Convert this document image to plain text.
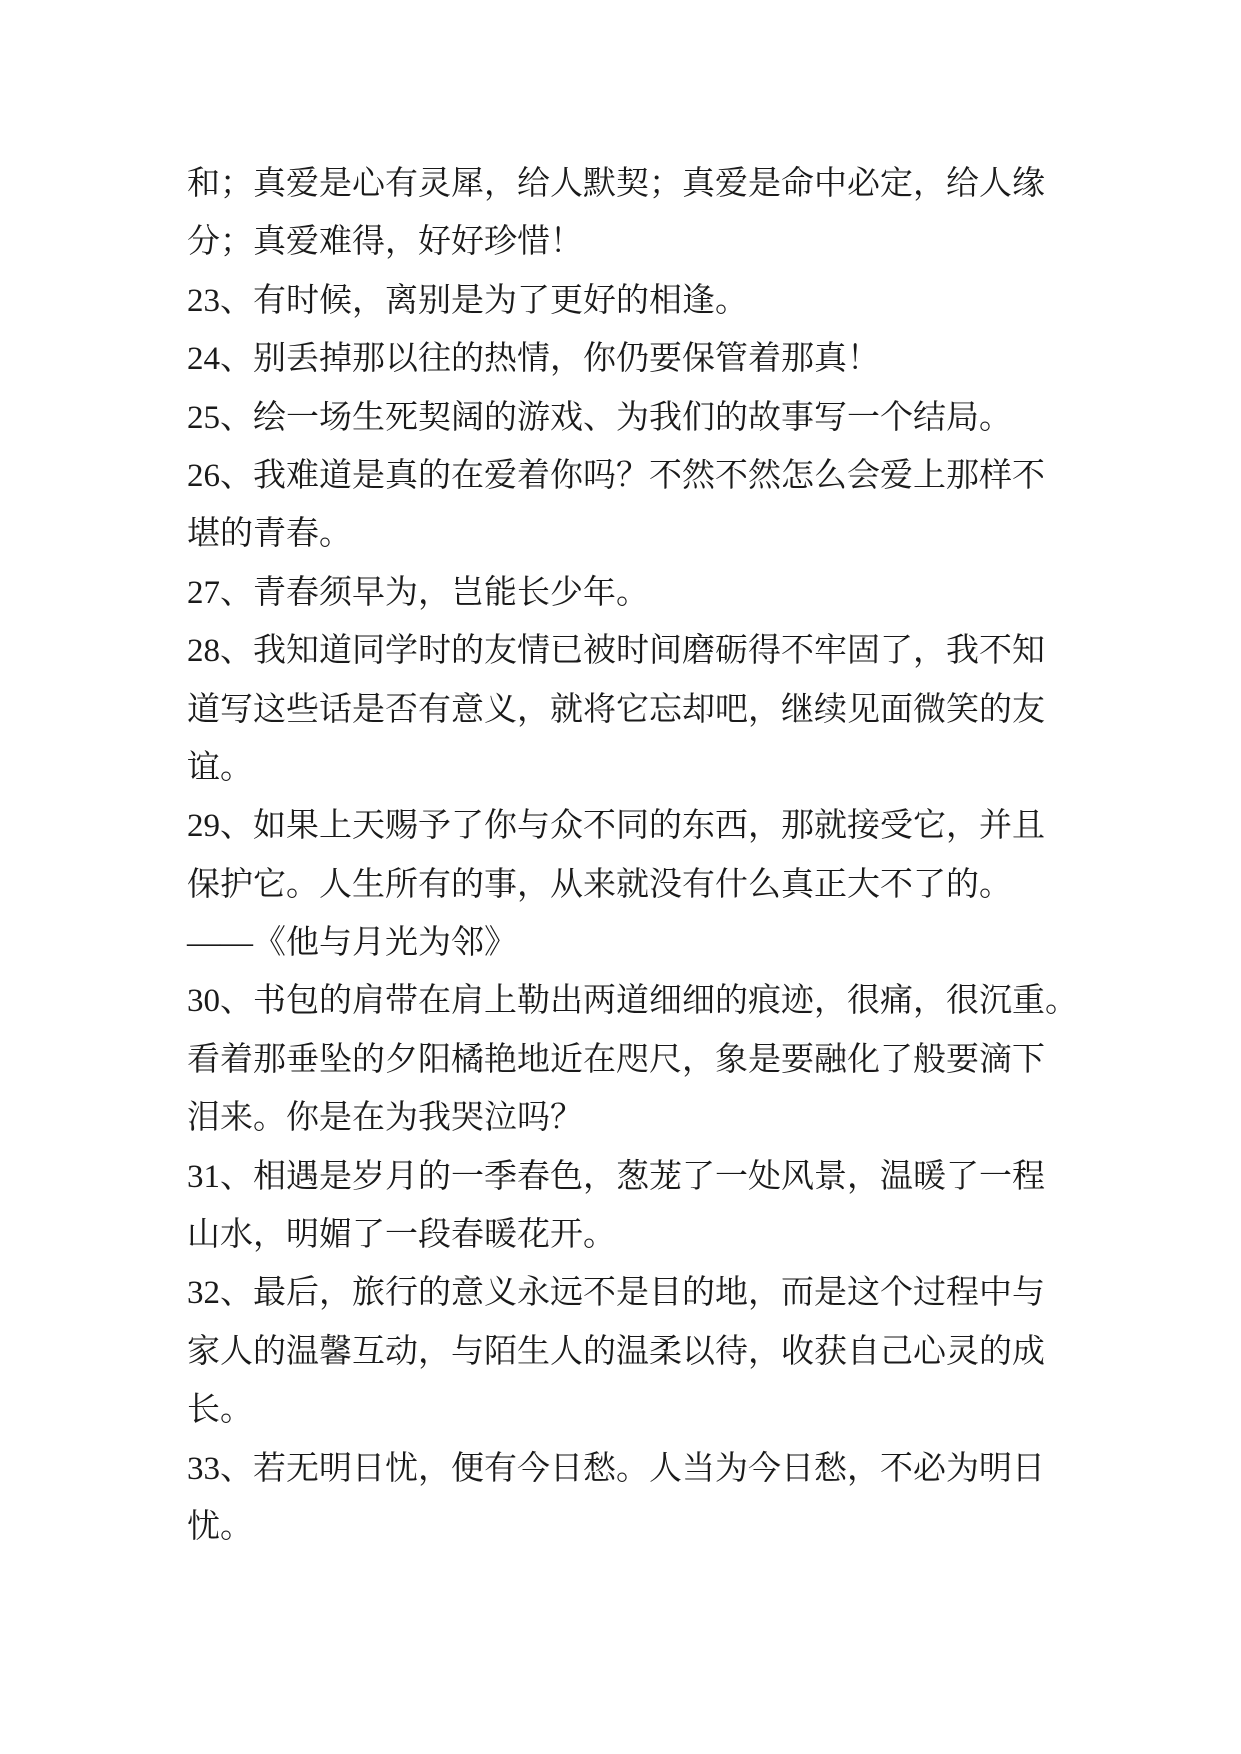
和；真爱是心有灵犀，给人默契；真爱是命中必定，给人缘
分；真爱难得，好好珍惜！
23、有时候，离别是为了更好的相逢。
24、别丢掉那以往的热情，你仍要保管着那真！
25、绘一场生死契阔的游戏、为我们的故事写一个结局。
26、我难道是真的在爱着你吗？不然不然怎么会爱上那样不
堪的青春。
27、青春须早为，岂能长少年。
28、我知道同学时的友情已被时间磨砺得不牢固了，我不知
道写这些话是否有意义，就将它忘却吧，继续见面微笑的友
谊。
29、如果上天赐予了你与众不同的东西，那就接受它，并且
保护它。人生所有的事，从来就没有什么真正大不了的。
——《他与月光为邻》
30、书包的肩带在肩上勒出两道细细的痕迹，很痛，很沉重。
看着那垂坠的夕阳橘艳地近在咫尺，象是要融化了般要滴下
泪来。你是在为我哭泣吗？
31、相遇是岁月的一季春色，葱茏了一处风景，温暖了一程
山水，明媚了一段春暖花开。
32、最后，旅行的意义永远不是目的地，而是这个过程中与
家人的温馨互动，与陌生人的温柔以待，收获自己心灵的成
长。
33、若无明日忧，便有今日愁。人当为今日愁，不必为明日
忧。
